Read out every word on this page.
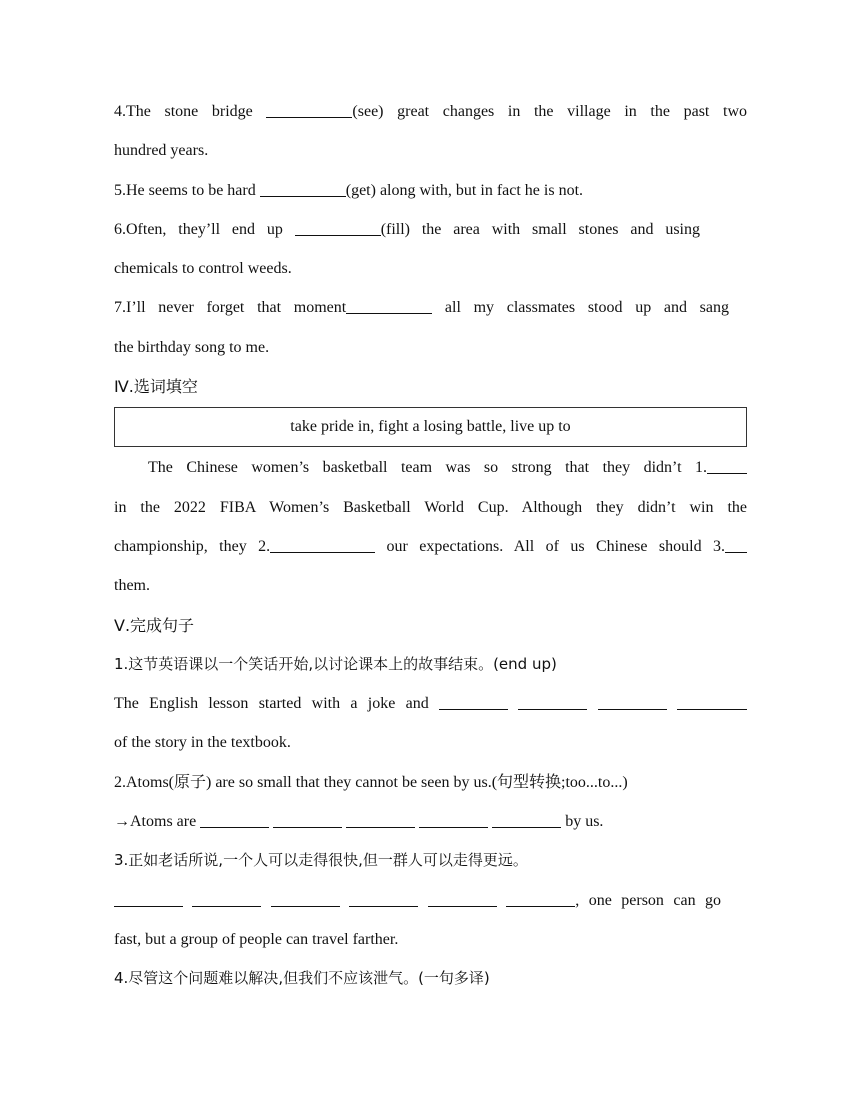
4.The stone bridge	(see) great changes in the village in the past two
hundred years.
5.He seems to be hard	(get) along with, but in fact he is not.
6.Often, they’ll end up	(fill) the area with small stones and using
chemicals to control weeds.
7.I’ll never forget that moment	all my classmates stood up and sang
the birthday song to me.
Ⅳ.选词填空
take pride in, fight a losing battle, live up to
The Chinese women’s basketball team was so strong that they didn’t 1.
in the 2022 FIBA Women’s Basketball World Cup. Although they didn’t win the
championship, they 2.	our expectations. All of us Chinese should 3.
them.
Ⅴ.完成句子
1.这节英语课以一个笑话开始,以讨论课本上的故事结束。(end up)
The English lesson started with a joke and
of the story in the textbook.
2.Atoms(原子) are so small that they cannot be seen by us.(句型转换;too...to...)
→Atoms are	by us.
3.正如老话所说,一个人可以走得很快,但一群人可以走得更远。
, one person can go
fast, but a group of people can travel farther.
4.尽管这个问题难以解决,但我们不应该泄气。(一句多译)
